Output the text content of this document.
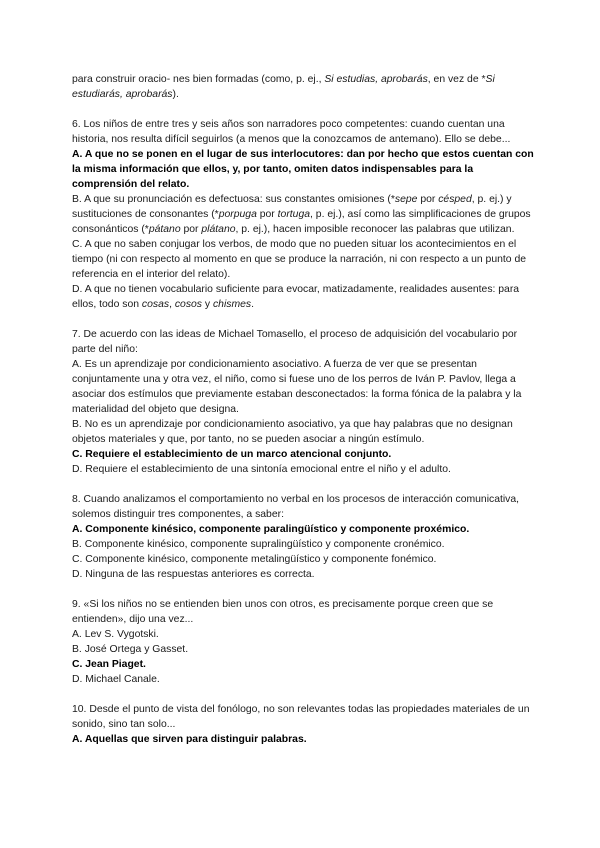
para construir oracio- nes bien formadas (como, p. ej., Si estudias, aprobarás, en vez de *Si estudiarás, aprobarás).

6. Los niños de entre tres y seis años son narradores poco competentes: cuando cuentan una historia, nos resulta difícil seguirlos (a menos que la conozcamos de antemano). Ello se debe...

A. A que no se ponen en el lugar de sus interlocutores: dan por hecho que estos cuentan con la misma información que ellos, y, por tanto, omiten datos indispensables para la comprensión del relato.

B. A que su pronunciación es defectuosa: sus constantes omisiones (*sepe por césped, p. ej.) y sustituciones de consonantes (*porpuga por tortuga, p. ej.), así como las simplificaciones de grupos consonánticos (*pátano por plátano, p. ej.), hacen imposible reconocer las palabras que utilizan.

C. A que no saben conjugar los verbos, de modo que no pueden situar los acontecimientos en el tiempo (ni con respecto al momento en que se produce la narración, ni con respecto a un punto de referencia en el interior del relato).

D. A que no tienen vocabulario suficiente para evocar, matizadamente, realidades ausentes: para ellos, todo son cosas, cosos y chismes.

7. De acuerdo con las ideas de Michael Tomasello, el proceso de adquisición del vocabulario por parte del niño:

A. Es un aprendizaje por condicionamiento asociativo. A fuerza de ver que se presentan conjuntamente una y otra vez, el niño, como si fuese uno de los perros de Iván P. Pavlov, llega a asociar dos estímulos que previamente estaban desconectados: la forma fónica de la palabra y la materialidad del objeto que designa.

B. No es un aprendizaje por condicionamiento asociativo, ya que hay palabras que no designan objetos materiales y que, por tanto, no se pueden asociar a ningún estímulo.

C. Requiere el establecimiento de un marco atencional conjunto.

D. Requiere el establecimiento de una sintonía emocional entre el niño y el adulto.

8. Cuando analizamos el comportamiento no verbal en los procesos de interacción comunicativa, solemos distinguir tres componentes, a saber:

A. Componente kinésico, componente paralingüístico y componente proxémico.

B. Componente kinésico, componente supralingüístico y componente cronémico.

C. Componente kinésico, componente metalingüístico y componente fonémico.

D. Ninguna de las respuestas anteriores es correcta.

9. «Si los niños no se entienden bien unos con otros, es precisamente porque creen que se entienden», dijo una vez...

A. Lev S. Vygotski.

B. José Ortega y Gasset.

C. Jean Piaget.

D. Michael Canale.

10. Desde el punto de vista del fonólogo, no son relevantes todas las propiedades materiales de un sonido, sino tan solo...

A. Aquellas que sirven para distinguir palabras.
